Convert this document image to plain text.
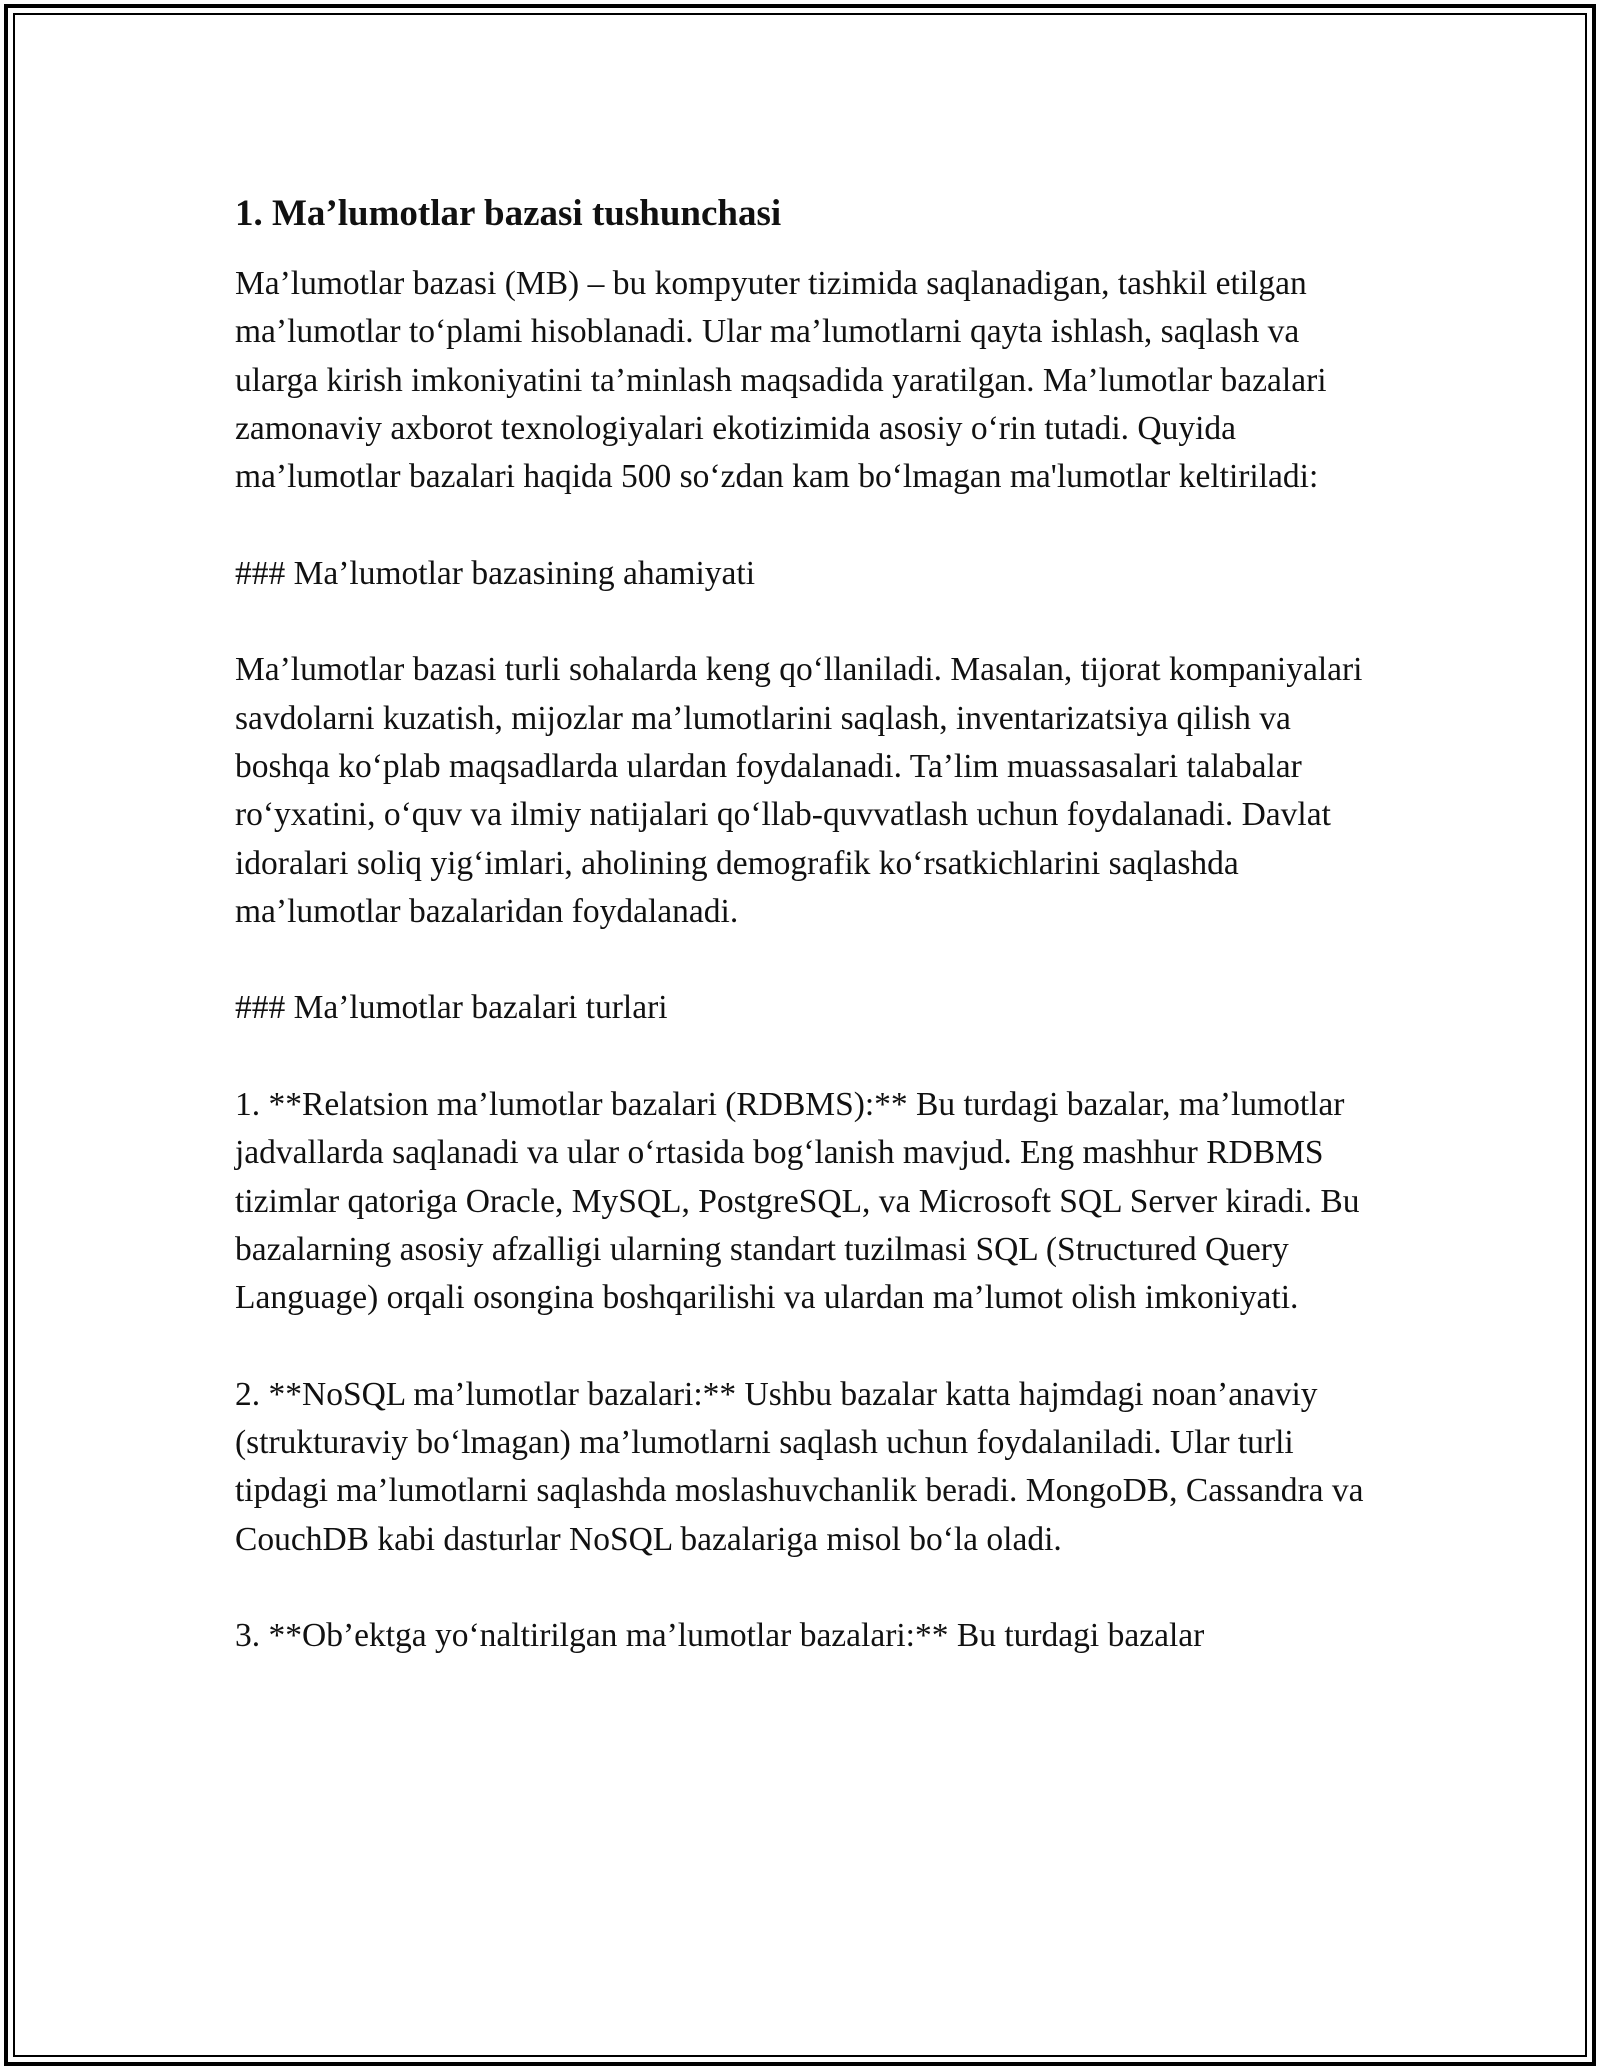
1. Ma’lumotlar bazasi tushunchasi

Ma’lumotlar bazasi (MB) – bu kompyuter tizimida saqlanadigan, tashkil etilgan ma’lumotlar to‘plami hisoblanadi. Ular ma’lumotlarni qayta ishlash, saqlash va ularga kirish imkoniyatini ta’minlash maqsadida yaratilgan. Ma’lumotlar bazalari zamonaviy axborot texnologiyalari ekotizimida asosiy o‘rin tutadi. Quyida ma’lumotlar bazalari haqida 500 so‘zdan kam bo‘lmagan ma'lumotlar keltiriladi:

### Ma’lumotlar bazasining ahamiyati

Ma’lumotlar bazasi turli sohalarda keng qo‘llaniladi. Masalan, tijorat kompaniyalari savdolarni kuzatish, mijozlar ma’lumotlarini saqlash, inventarizatsiya qilish va boshqa ko‘plab maqsadlarda ulardan foydalanadi. Ta’lim muassasalari talabalar ro‘yxatini, o‘quv va ilmiy natijalari qo‘llab-quvvatlash uchun foydalanadi. Davlat idoralari soliq yig‘imlari, aholining demografik ko‘rsatkichlarini saqlashda ma’lumotlar bazalaridan foydalanadi.

### Ma’lumotlar bazalari turlari

1. **Relatsion ma’lumotlar bazalari (RDBMS):** Bu turdagi bazalar, ma’lumotlar jadvallarda saqlanadi va ular o‘rtasida bog‘lanish mavjud. Eng mashhur RDBMS tizimlar qatoriga Oracle, MySQL, PostgreSQL, va Microsoft SQL Server kiradi. Bu bazalarning asosiy afzalligi ularning standart tuzilmasi SQL (Structured Query Language) orqali osongina boshqarilishi va ulardan ma’lumot olish imkoniyati.

2. **NoSQL ma’lumotlar bazalari:** Ushbu bazalar katta hajmdagi noan’anaviy (strukturaviy bo‘lmagan) ma’lumotlarni saqlash uchun foydalaniladi. Ular turli tipdagi ma’lumotlarni saqlashda moslashuvchanlik beradi. MongoDB, Cassandra va CouchDB kabi dasturlar NoSQL bazalariga misol bo‘la oladi.

3. **Ob’ektga yo‘naltirilgan ma’lumotlar bazalari:** Bu turdagi bazalar
